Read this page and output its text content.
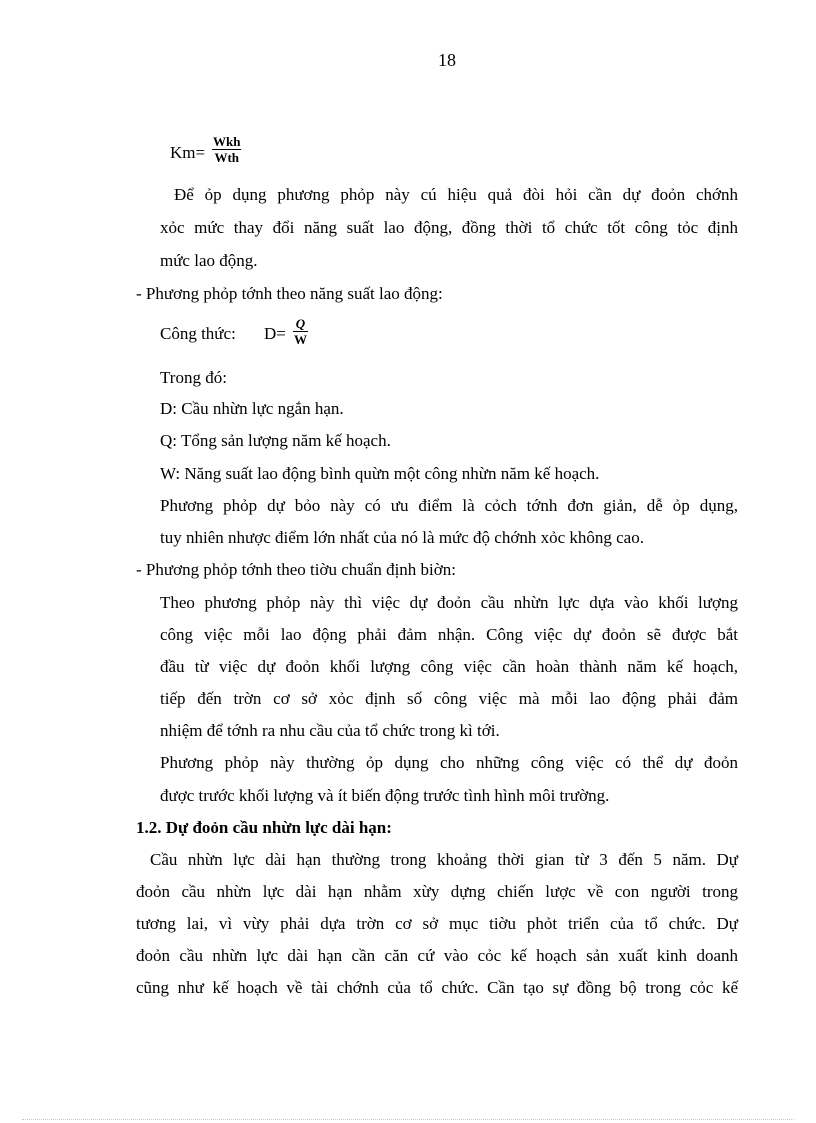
18
Km=
Wkh
Wth
Để ỏp dụng phương phỏp này cú hiệu quả đòi hỏi cần dự đoỏn chớnh
xỏc mức thay đổi năng suất lao động, đồng thời tổ chức tốt công tỏc định
mức lao động.
- Phương phỏp tớnh theo năng suất lao động:
Công thức: $D= \frac{Q}{W}$
Trong đó:
D: Cầu nhừn lực ngắn hạn.
Q: Tổng sản lượng năm kế hoạch.
W: Năng suất lao động bình quừn một công nhừn năm kế hoạch.
Phương phỏp dự bỏo này có ưu điểm là cỏch tớnh đơn giản, dễ ỏp dụng,
tuy nhiên nhược điểm lớn nhất của nó là mức độ chớnh xỏc không cao.
- Phương phỏp tớnh theo tiờu chuẩn định biờn:
Theo phương phỏp này thì việc dự đoỏn cầu nhừn lực dựa vào khối lượng
công việc mỗi lao động phải đảm nhận. Công việc dự đoỏn sẽ được bắt
đầu từ việc dự đoỏn khối lượng công việc cần hoàn thành năm kế hoạch,
tiếp đến trờn cơ sở xỏc định số công việc mà mỗi lao động phải đảm
nhiệm để tớnh ra nhu cầu của tổ chức trong kì tới.
Phương phỏp này thường ỏp dụng cho những công việc có thể dự đoỏn
được trước khối lượng và ít biến động trước tình hình môi trường.
1.2. Dự đoỏn cầu nhừn lực dài hạn:
Cầu nhừn lực dài hạn thường trong khoảng thời gian từ 3 đến 5 năm. Dự
đoỏn cầu nhừn lực dài hạn nhằm xừy dựng chiến lược về con người trong
tương lai, vì vừy phải dựa trờn cơ sở mục tiờu phỏt triển của tổ chức. Dự
đoỏn cầu nhừn lực dài hạn cần căn cứ vào cỏc kế hoạch sản xuất kinh doanh
cũng như kế hoạch về tài chớnh của tổ chức. Cần tạo sự đồng bộ trong cỏc kế
